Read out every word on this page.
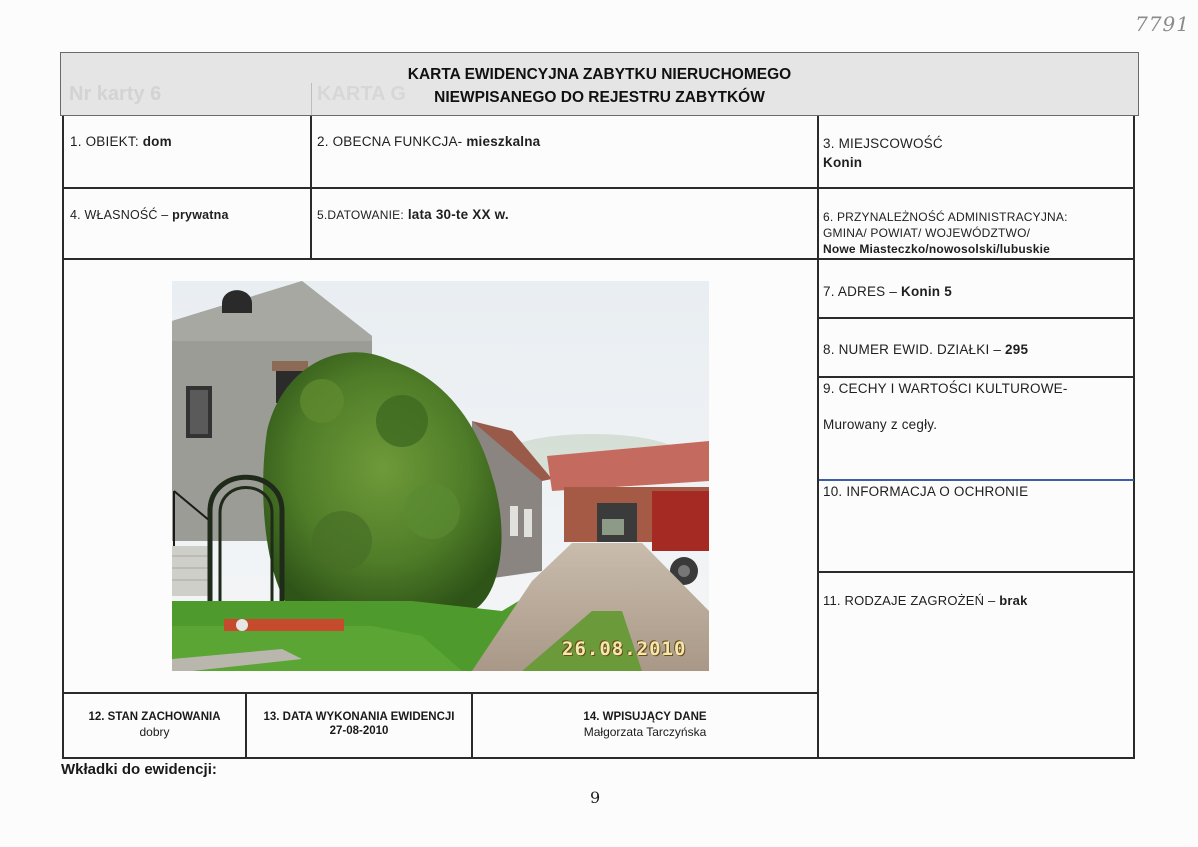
7791
Nr karty 6	KARTA G
KARTA EWIDENCYJNA ZABYTKU NIERUCHOMEGO
NIEWPISANEGO DO REJESTRU ZABYTKÓW
1. OBIEKT: dom	2. OBECNA FUNKCJA- mieszkalna	3. MIEJSCOWOŚĆ
Konin
4. WŁASNOŚĆ – prywatna	5.DATOWANIE: lata 30-te XX w.	6. PRZYNALEŻNOŚĆ ADMINISTRACYJNA:
GMINA/ POWIAT/ WOJEWÓDZTWO/
Nowe Miasteczko/nowosolski/lubuskie
7. ADRES – Konin 5
8. NUMER EWID. DZIAŁKI – 295
9. CECHY I WARTOŚCI KULTUROWE-
Murowany z cegły.
10. INFORMACJA O OCHRONIE
11. RODZAJE ZAGROŻEŃ – brak
26.08.2010
12. STAN ZACHOWANIA
dobry
13. DATA WYKONANIA EWIDENCJI
27-08-2010
14. WPISUJĄCY DANE
Małgorzata Tarczyńska
Wkładki do ewidencji:
9
